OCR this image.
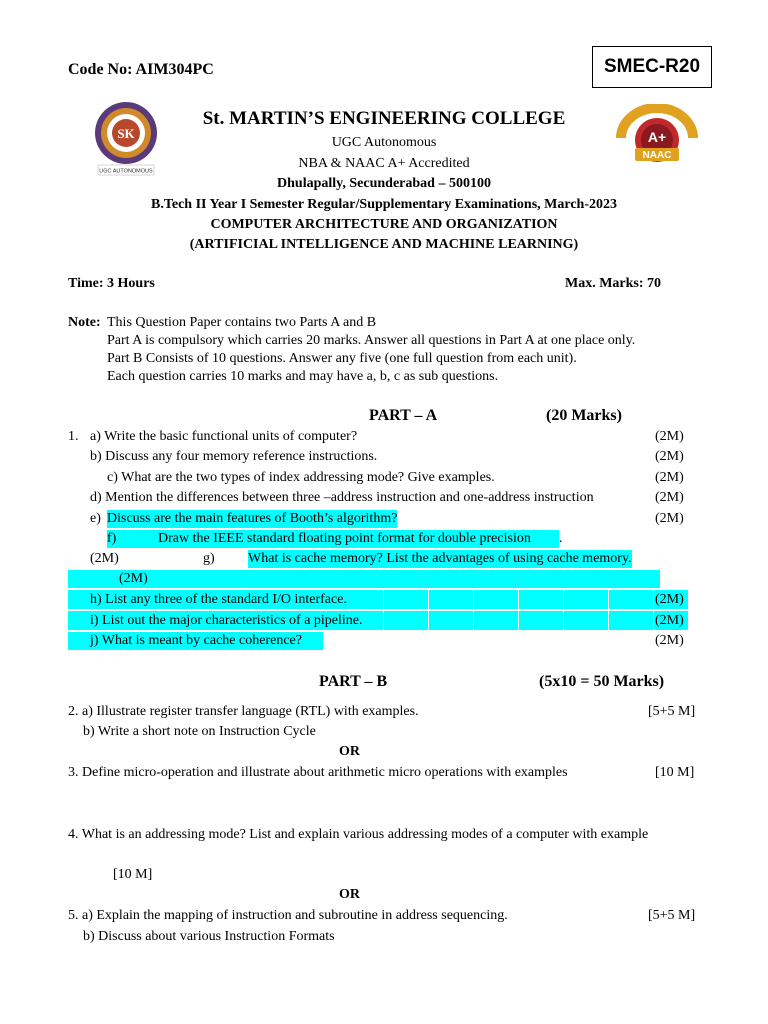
Code No: AIM304PC	SMEC-R20
SK
UGC AUTONOMOUS
A+
NAAC
St. MARTIN’S ENGINEERING COLLEGE
UGC Autonomous
NBA & NAAC A+ Accredited
Dhulapally, Secunderabad – 500100
B.Tech II Year I Semester Regular/Supplementary Examinations, March-2023
COMPUTER ARCHITECTURE AND ORGANIZATION
(ARTIFICIAL INTELLIGENCE AND MACHINE LEARNING)
Time: 3 Hours	Max. Marks: 70
Note: This Question Paper contains two Parts A and B
Part A is compulsory which carries 20 marks. Answer all questions in Part A at one place only.
Part B Consists of 10 questions. Answer any five (one full question from each unit).
Each question carries 10 marks and may have a, b, c as sub questions.
PART – A	(20 Marks)
1. a) Write the basic functional units of computer?	(2M)
b) Discuss any four memory reference instructions.	(2M)
c) What are the two types of index addressing mode? Give examples.	(2M)
d) Mention the differences between three –address instruction and one-address instruction	(2M)
e) Discuss are the main features of Booth’s algorithm?	(2M)
f)	Draw the IEEE standard floating point format for double precision .
(2M)	g) What is cache memory? List the advantages of using cache memory.
(2M)
h) List any three of the standard I/O interface.	(2M)
i) List out the major characteristics of a pipeline.	(2M)
j) What is meant by cache coherence?	(2M)
PART – B	(5x10 = 50 Marks)
2. a) Illustrate register transfer language (RTL) with examples.	[5+5 M]
b) Write a short note on Instruction Cycle
OR
3. Define micro-operation and illustrate about arithmetic micro operations with examples	[10 M]
4. What is an addressing mode? List and explain various addressing modes of a computer with example
[10 M]
OR
5. a) Explain the mapping of instruction and subroutine in address sequencing.	[5+5 M]
b) Discuss about various Instruction Formats
